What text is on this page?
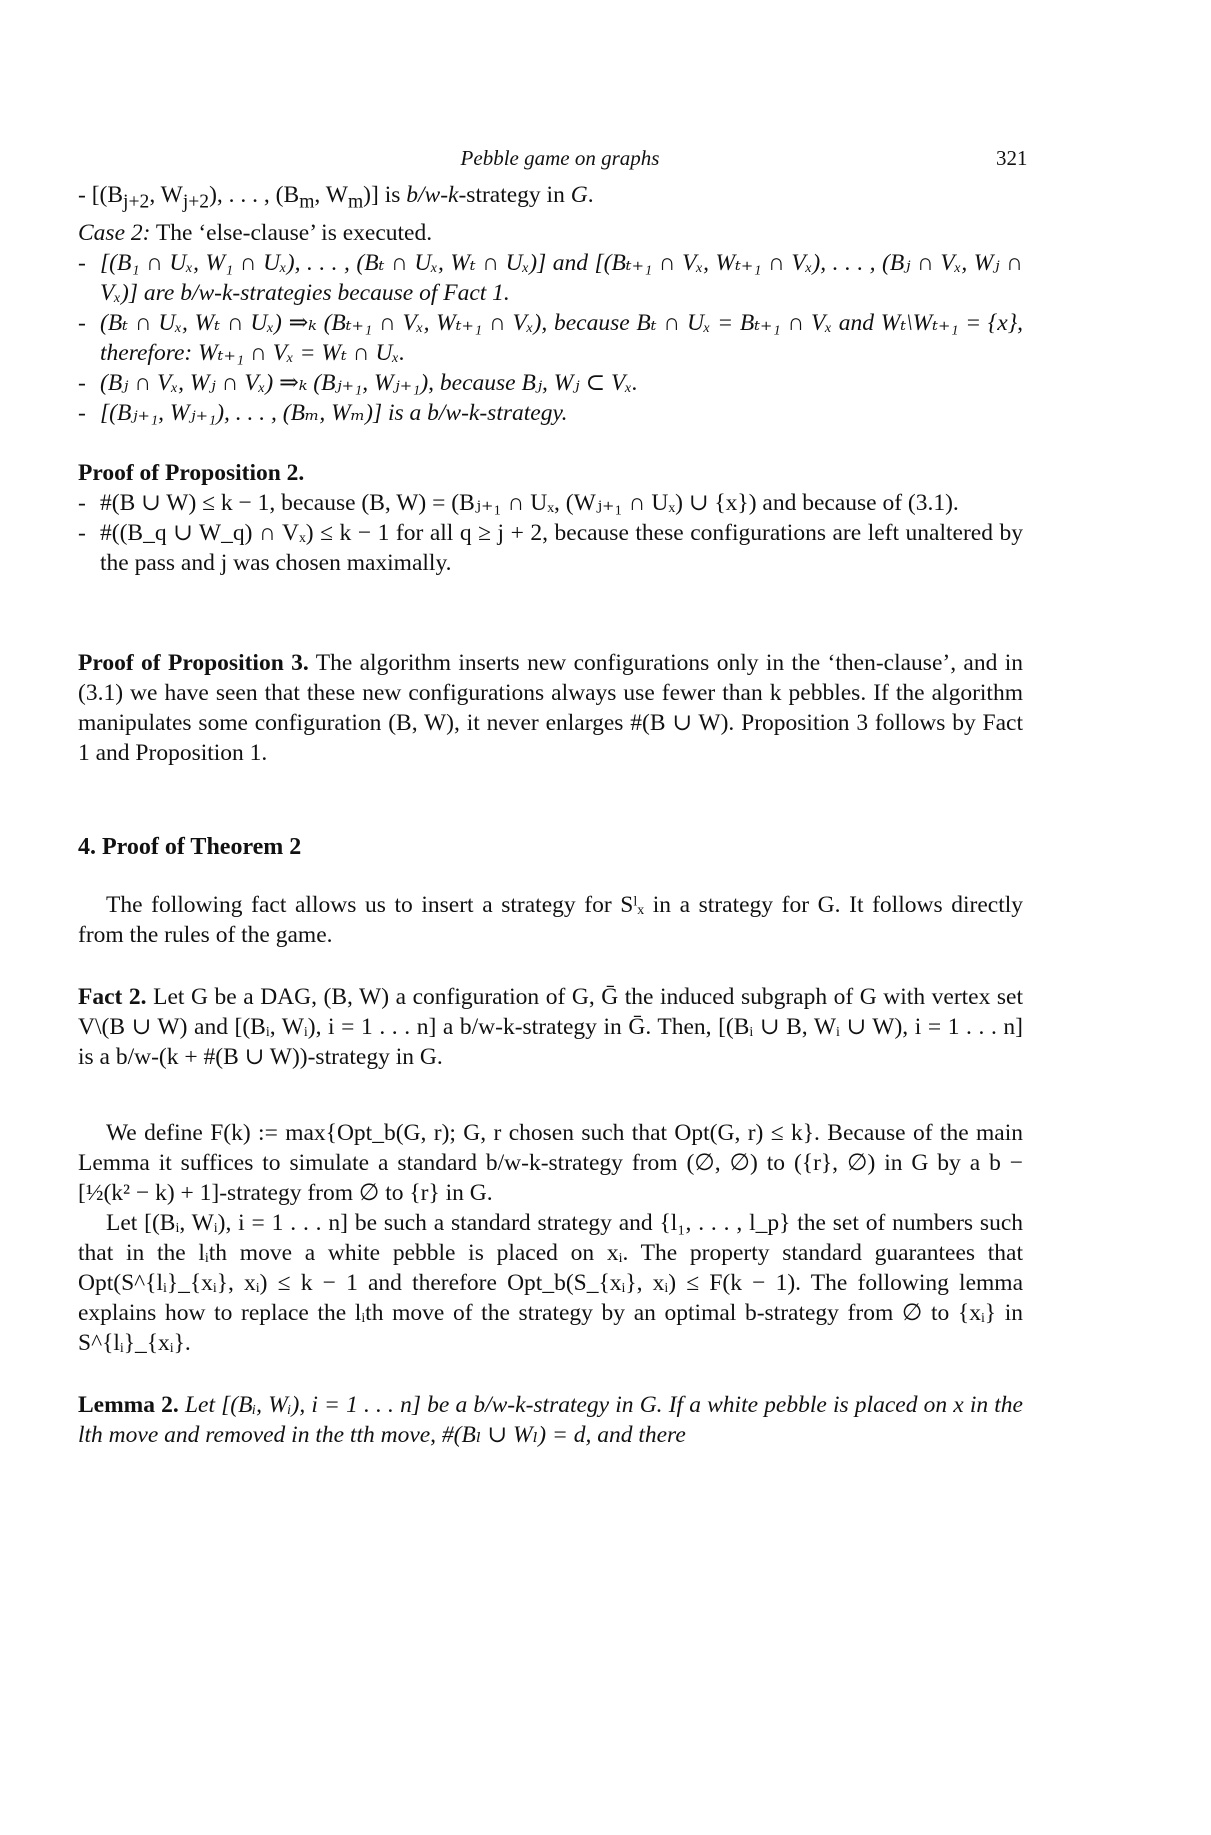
Pebble game on graphs	321

- [($B_{j+2}$, $W_{j+2}$), . . . , ($B_m$, $W_m$)] is b/w-k-strategy in G.

Case 2: The ‘else-clause’ is executed.

- [(B₁ ∩ Uₓ, W₁ ∩ Uₓ), . . . , (Bₜ ∩ Uₓ, Wₜ ∩ Uₓ)] and [(Bₜ₊₁ ∩ Vₓ, Wₜ₊₁ ∩ Vₓ), . . . , (Bⱼ ∩ Vₓ, Wⱼ ∩ Vₓ)] are b/w-k-strategies because of Fact 1.

- (Bₜ ∩ Uₓ, Wₜ ∩ Uₓ) ⇒ₖ (Bₜ₊₁ ∩ Vₓ, Wₜ₊₁ ∩ Vₓ), because Bₜ ∩ Uₓ = Bₜ₊₁ ∩ Vₓ and Wₜ\Wₜ₊₁ = {x}, therefore: Wₜ₊₁ ∩ Vₓ = Wₜ ∩ Uₓ.

- (Bⱼ ∩ Vₓ, Wⱼ ∩ Vₓ) ⇒ₖ (Bⱼ₊₁, Wⱼ₊₁), because Bⱼ, Wⱼ ⊂ Vₓ.

- [(Bⱼ₊₁, Wⱼ₊₁), . . . , (Bₘ, Wₘ)] is a b/w-k-strategy.

Proof of Proposition 2.

- #(B ∪ W) ≤ k − 1, because (B, W) = (Bⱼ₊₁ ∩ Uₓ, (Wⱼ₊₁ ∩ Uₓ) ∪ {x}) and because of (3.1).

- #((B_q ∪ W_q) ∩ Vₓ) ≤ k − 1 for all q ≥ j + 2, because these configurations are left unaltered by the pass and j was chosen maximally.

Proof of Proposition 3. The algorithm inserts new configurations only in the ‘then-clause’, and in (3.1) we have seen that these new configurations always use fewer than k pebbles. If the algorithm manipulates some configuration (B, W), it never enlarges #(B ∪ W). Proposition 3 follows by Fact 1 and Proposition 1.

4. Proof of Theorem 2

The following fact allows us to insert a strategy for Sˡₓ in a strategy for G. It follows directly from the rules of the game.

Fact 2. Let G be a DAG, (B, W) a configuration of G, Ḡ the induced subgraph of G with vertex set V\(B ∪ W) and [(Bᵢ, Wᵢ), i = 1 . . . n] a b/w-k-strategy in Ḡ. Then, [(Bᵢ ∪ B, Wᵢ ∪ W), i = 1 . . . n] is a b/w-(k + #(B ∪ W))-strategy in G.

We define F(k) := max{Opt_b(G, r); G, r chosen such that Opt(G, r) ≤ k}. Because of the main Lemma it suffices to simulate a standard b/w-k-strategy from (∅, ∅) to ({r}, ∅) in G by a b − [½(k² − k) + 1]-strategy from ∅ to {r} in G.

Let [(Bᵢ, Wᵢ), i = 1 . . . n] be such a standard strategy and {l₁, . . . , l_p} the set of numbers such that in the lᵢth move a white pebble is placed on xᵢ. The property standard guarantees that Opt(S^{lᵢ}_{xᵢ}, xᵢ) ≤ k − 1 and therefore Opt_b(S_{xᵢ}, xᵢ) ≤ F(k − 1). The following lemma explains how to replace the lᵢth move of the strategy by an optimal b-strategy from ∅ to {xᵢ} in S^{lᵢ}_{xᵢ}.

Lemma 2. Let [(Bᵢ, Wᵢ), i = 1 . . . n] be a b/w-k-strategy in G. If a white pebble is placed on x in the lth move and removed in the tth move, #(Bₗ ∪ Wₗ) = d, and there
